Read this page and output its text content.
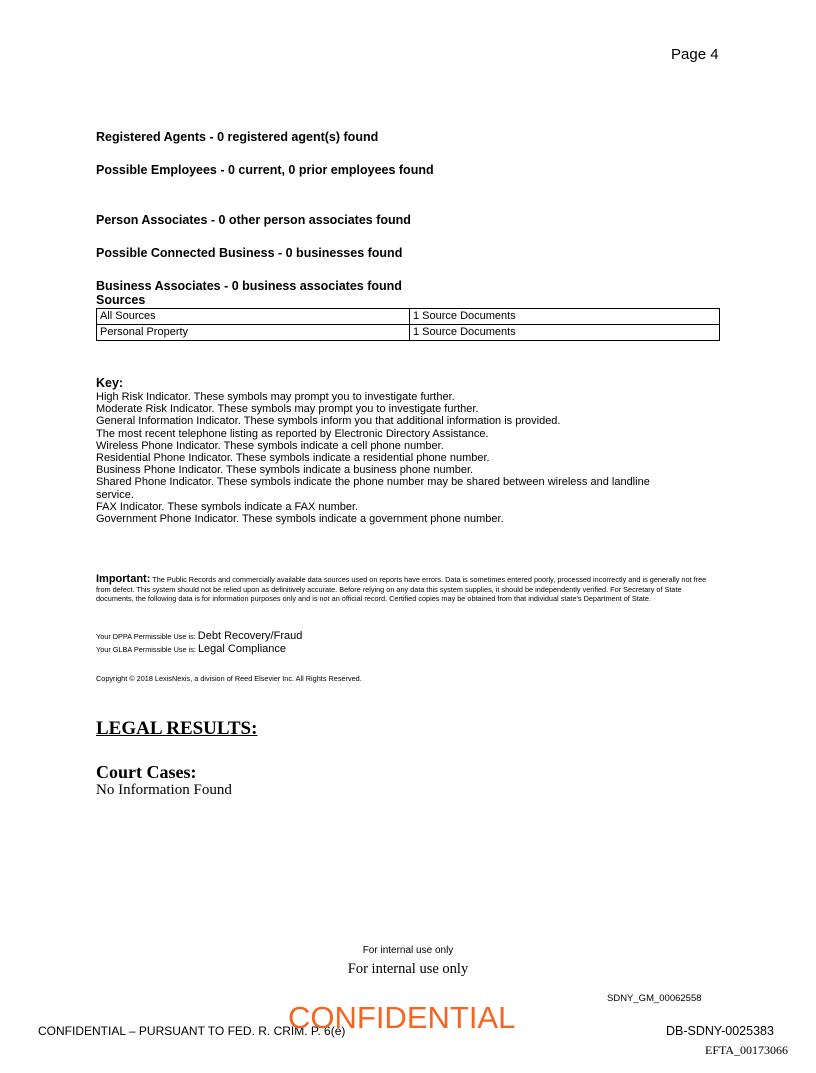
Page 4
Registered Agents - 0 registered agent(s) found
Possible Employees - 0 current, 0 prior employees found
Person Associates - 0 other person associates found
Possible Connected Business - 0 businesses found
Business Associates - 0 business associates found
Sources
All Sources	1 Source Documents
Personal Property	1 Source Documents
Key:
High Risk Indicator. These symbols may prompt you to investigate further.
Moderate Risk Indicator. These symbols may prompt you to investigate further.
General Information Indicator. These symbols inform you that additional information is provided.
The most recent telephone listing as reported by Electronic Directory Assistance.
Wireless Phone Indicator. These symbols indicate a cell phone number.
Residential Phone Indicator. These symbols indicate a residential phone number.
Business Phone Indicator. These symbols indicate a business phone number.
Shared Phone Indicator. These symbols indicate the phone number may be shared between wireless and landline service.
FAX Indicator. These symbols indicate a FAX number.
Government Phone Indicator. These symbols indicate a government phone number.
Important: The Public Records and commercially available data sources used on reports have errors. Data is sometimes entered poorly, processed incorrectly and is generally not free from defect. This system should not be relied upon as definitively accurate. Before relying on any data this system supplies, it should be independently verified. For Secretary of State documents, the following data is for information purposes only and is not an official record. Certified copies may be obtained from that individual state's Department of State.
Your DPPA Permissible Use is: Debt Recovery/Fraud
Your GLBA Permissible Use is: Legal Compliance
Copyright © 2018 LexisNexis, a division of Reed Elsevier Inc. All Rights Reserved.
LEGAL RESULTS:
Court Cases:
No Information Found
For internal use only
For internal use only
SDNY_GM_00062558
CONFIDENTIAL – PURSUANT TO FED. R. CRIM. P. 6(e)
CONFIDENTIAL	DB-SDNY-0025383
EFTA_00173066
